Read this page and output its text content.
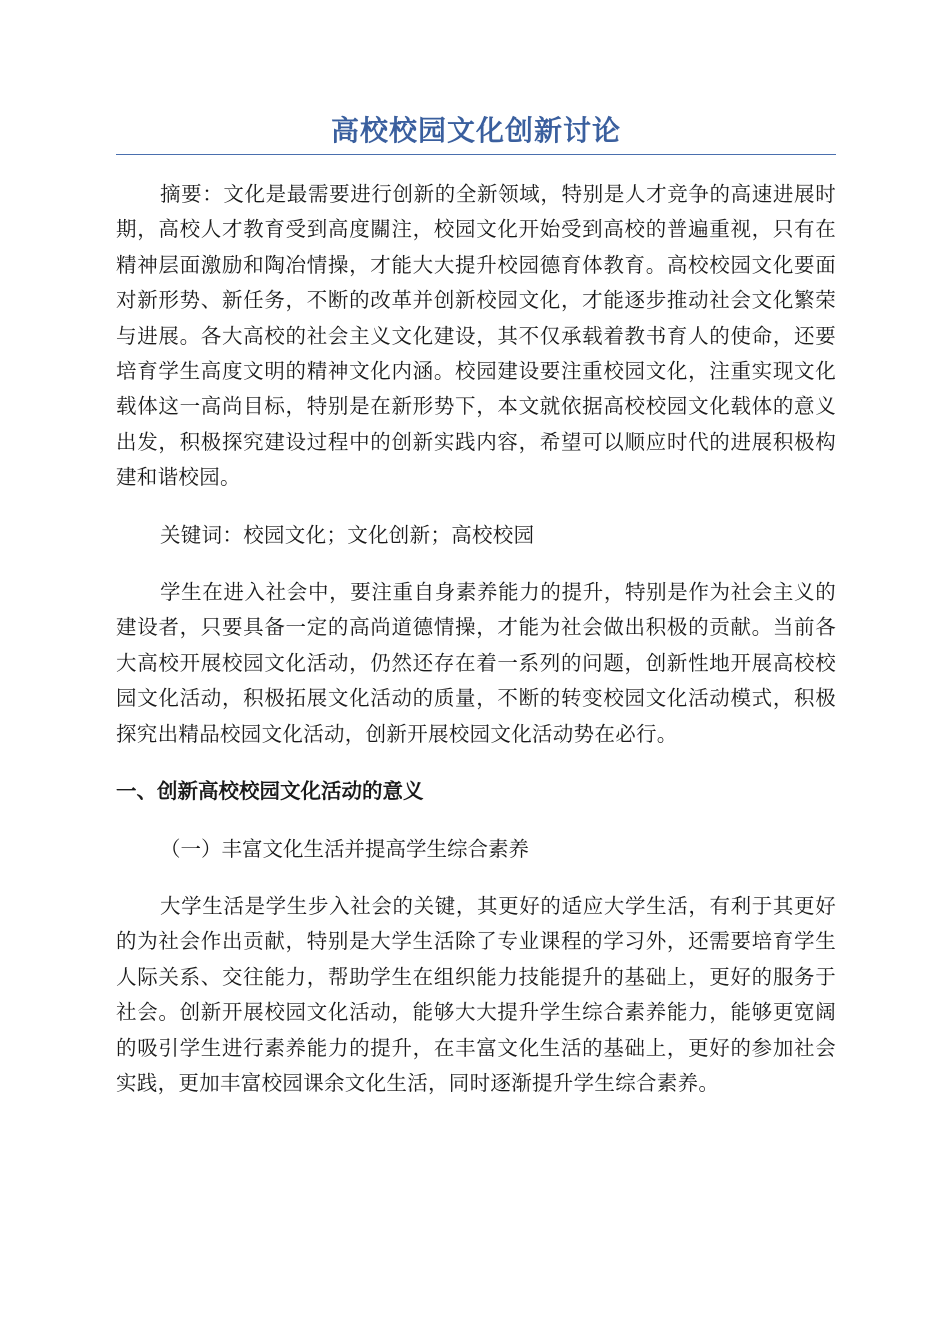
高校校园文化创新讨论

摘要：文化是最需要进行创新的全新领域，特别是人才竞争的高速进展时期，高校人才教育受到高度關注，校园文化开始受到高校的普遍重视，只有在精神层面激励和陶冶情操，才能大大提升校园德育体教育。高校校园文化要面对新形势、新任务，不断的改革并创新校园文化，才能逐步推动社会文化繁荣与进展。各大高校的社会主义文化建设，其不仅承载着教书育人的使命，还要培育学生高度文明的精神文化内涵。校园建设要注重校园文化，注重实现文化载体这一高尚目标，特别是在新形势下，本文就依据高校校园文化载体的意义出发，积极探究建设过程中的创新实践内容，希望可以顺应时代的进展积极构建和谐校园。

关键词：校园文化；文化创新；高校校园

学生在进入社会中，要注重自身素养能力的提升，特别是作为社会主义的建设者，只要具备一定的高尚道德情操，才能为社会做出积极的贡献。当前各大高校开展校园文化活动，仍然还存在着一系列的问题，创新性地开展高校校园文化活动，积极拓展文化活动的质量，不断的转变校园文化活动模式，积极探究出精品校园文化活动，创新开展校园文化活动势在必行。

一、创新高校校园文化活动的意义
（一）丰富文化生活并提高学生综合素养

大学生活是学生步入社会的关键，其更好的适应大学生活，有利于其更好的为社会作出贡献，特别是大学生活除了专业课程的学习外，还需要培育学生人际关系、交往能力，帮助学生在组织能力技能提升的基础上，更好的服务于社会。创新开展校园文化活动，能够大大提升学生综合素养能力，能够更宽阔的吸引学生进行素养能力的提升，在丰富文化生活的基础上，更好的参加社会实践，更加丰富校园课余文化生活，同时逐渐提升学生综合素养。
